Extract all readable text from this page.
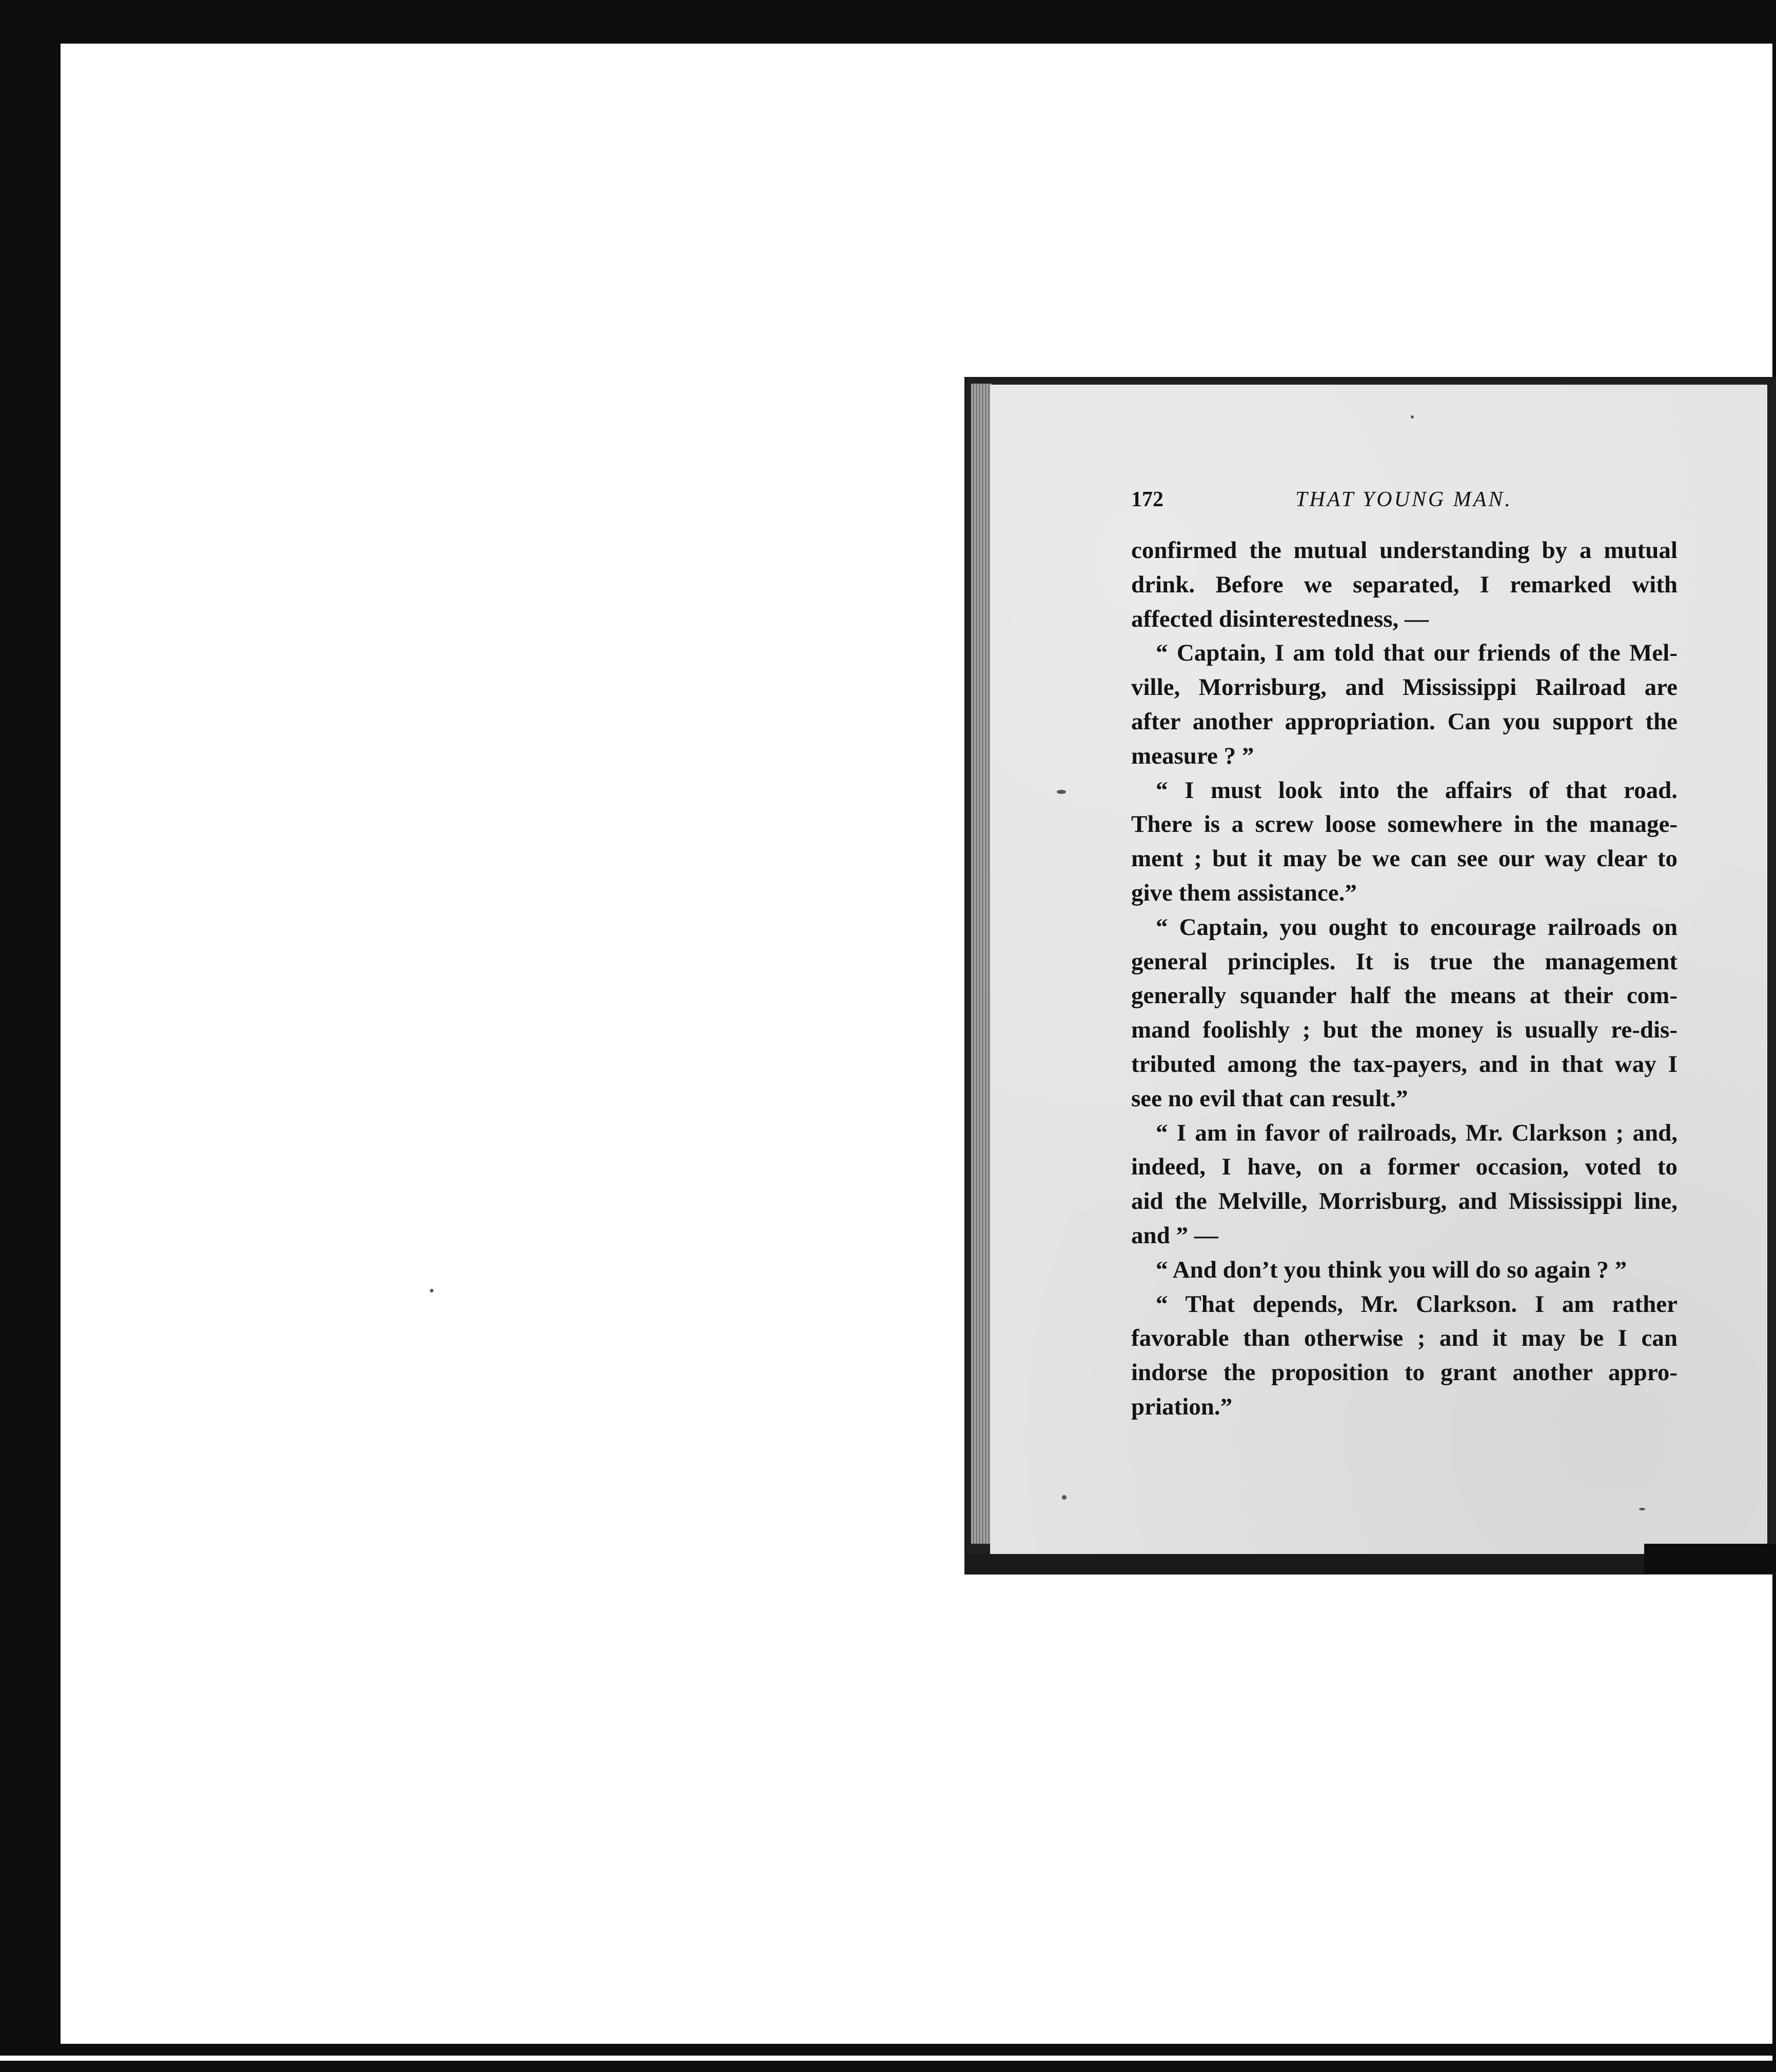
172	THAT YOUNG MAN.
confirmed the mutual understanding by a mutual
drink. Before we separated, I remarked with
affected disinterestedness, —
“ Captain, I am told that our friends of the Mel-
ville, Morrisburg, and Mississippi Railroad are
after another appropriation. Can you support the
measure ? ”
“ I must look into the affairs of that road.
There is a screw loose somewhere in the manage-
ment ; but it may be we can see our way clear to
give them assistance.”
“ Captain, you ought to encourage railroads on
general principles. It is true the management
generally squander half the means at their com-
mand foolishly ; but the money is usually re-dis-
tributed among the tax-payers, and in that way I
see no evil that can result.”
“ I am in favor of railroads, Mr. Clarkson ; and,
indeed, I have, on a former occasion, voted to
aid the Melville, Morrisburg, and Mississippi line,
and ” —
“ And don’t you think you will do so again ? ”
“ That depends, Mr. Clarkson. I am rather
favorable than otherwise ; and it may be I can
indorse the proposition to grant another appro-
priation.”
